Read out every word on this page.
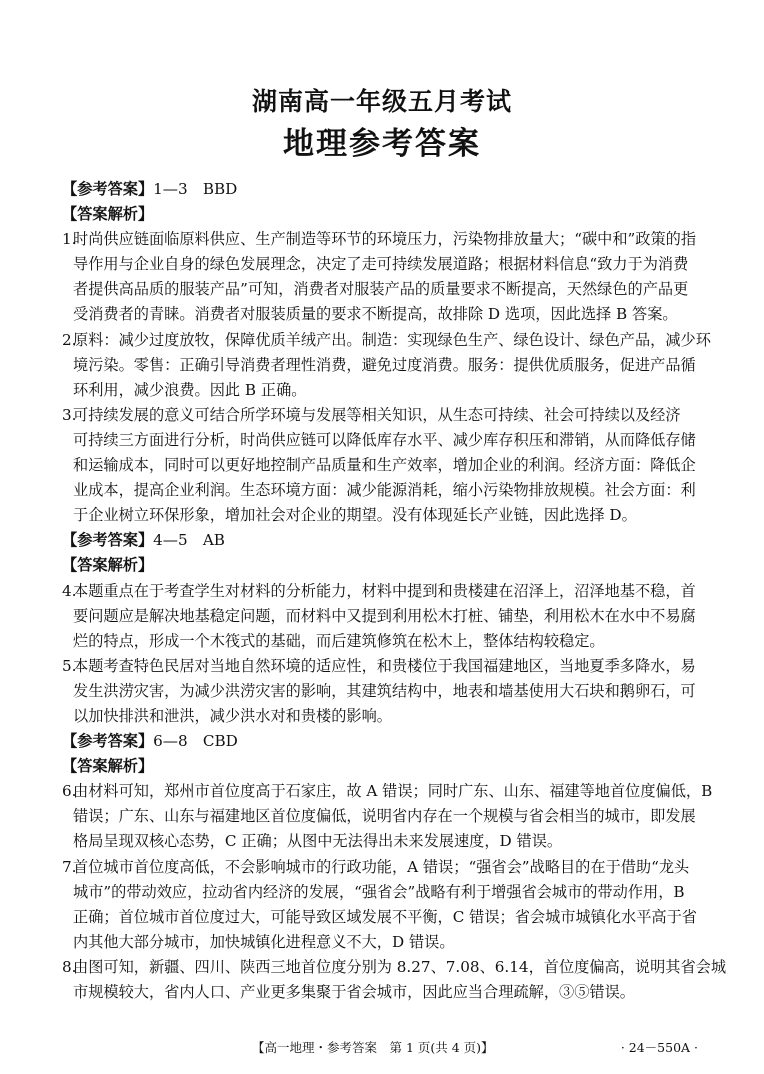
湖南高一年级五月考试
地理参考答案
【参考答案】1—3　BBD
【答案解析】
1.
时尚供应链面临原料供应、生产制造等环节的环境压力，污染物排放量大；“碳中和”政策的指
导作用与企业自身的绿色发展理念，决定了走可持续发展道路；根据材料信息“致力于为消费
者提供高品质的服装产品”可知，消费者对服装产品的质量要求不断提高，天然绿色的产品更
受消费者的青睐。消费者对服装质量的要求不断提高，故排除 D 选项，因此选择 B 答案。
2.
原料：减少过度放牧，保障优质羊绒产出。制造：实现绿色生产、绿色设计、绿色产品，减少环
境污染。零售：正确引导消费者理性消费，避免过度消费。服务：提供优质服务，促进产品循
环利用，减少浪费。因此 B 正确。
3.
可持续发展的意义可结合所学环境与发展等相关知识，从生态可持续、社会可持续以及经济
可持续三方面进行分析，时尚供应链可以降低库存水平、减少库存积压和滞销，从而降低存储
和运输成本，同时可以更好地控制产品质量和生产效率，增加企业的利润。经济方面：降低企
业成本，提高企业利润。生态环境方面：减少能源消耗，缩小污染物排放规模。社会方面：利
于企业树立环保形象，增加社会对企业的期望。没有体现延长产业链，因此选择 D。
【参考答案】4—5　AB
【答案解析】
4.
本题重点在于考查学生对材料的分析能力，材料中提到和贵楼建在沼泽上，沼泽地基不稳，首
要问题应是解决地基稳定问题，而材料中又提到利用松木打桩、铺垫，利用松木在水中不易腐
烂的特点，形成一个木筏式的基础，而后建筑修筑在松木上，整体结构较稳定。
5.
本题考查特色民居对当地自然环境的适应性，和贵楼位于我国福建地区，当地夏季多降水，易
发生洪涝灾害，为减少洪涝灾害的影响，其建筑结构中，地表和墙基使用大石块和鹅卵石，可
以加快排洪和泄洪，减少洪水对和贵楼的影响。
【参考答案】6—8　CBD
【答案解析】
6.
由材料可知，郑州市首位度高于石家庄，故 A 错误；同时广东、山东、福建等地首位度偏低，B
错误；广东、山东与福建地区首位度偏低，说明省内存在一个规模与省会相当的城市，即发展
格局呈现双核心态势，C 正确；从图中无法得出未来发展速度，D 错误。
7.
首位城市首位度高低，不会影响城市的行政功能，A 错误；“强省会”战略目的在于借助“龙头
城市”的带动效应，拉动省内经济的发展，“强省会”战略有利于增强省会城市的带动作用，B
正确；首位城市首位度过大，可能导致区域发展不平衡，C 错误；省会城市城镇化水平高于省
内其他大部分城市，加快城镇化进程意义不大，D 错误。
8.
由图可知，新疆、四川、陕西三地首位度分别为 8.27、7.08、6.14，首位度偏高，说明其省会城
市规模较大，省内人口、产业更多集聚于省会城市，因此应当合理疏解，③⑤错误。
【高一地理・参考答案　第 1 页(共 4 页)】	· 24－550A ·
